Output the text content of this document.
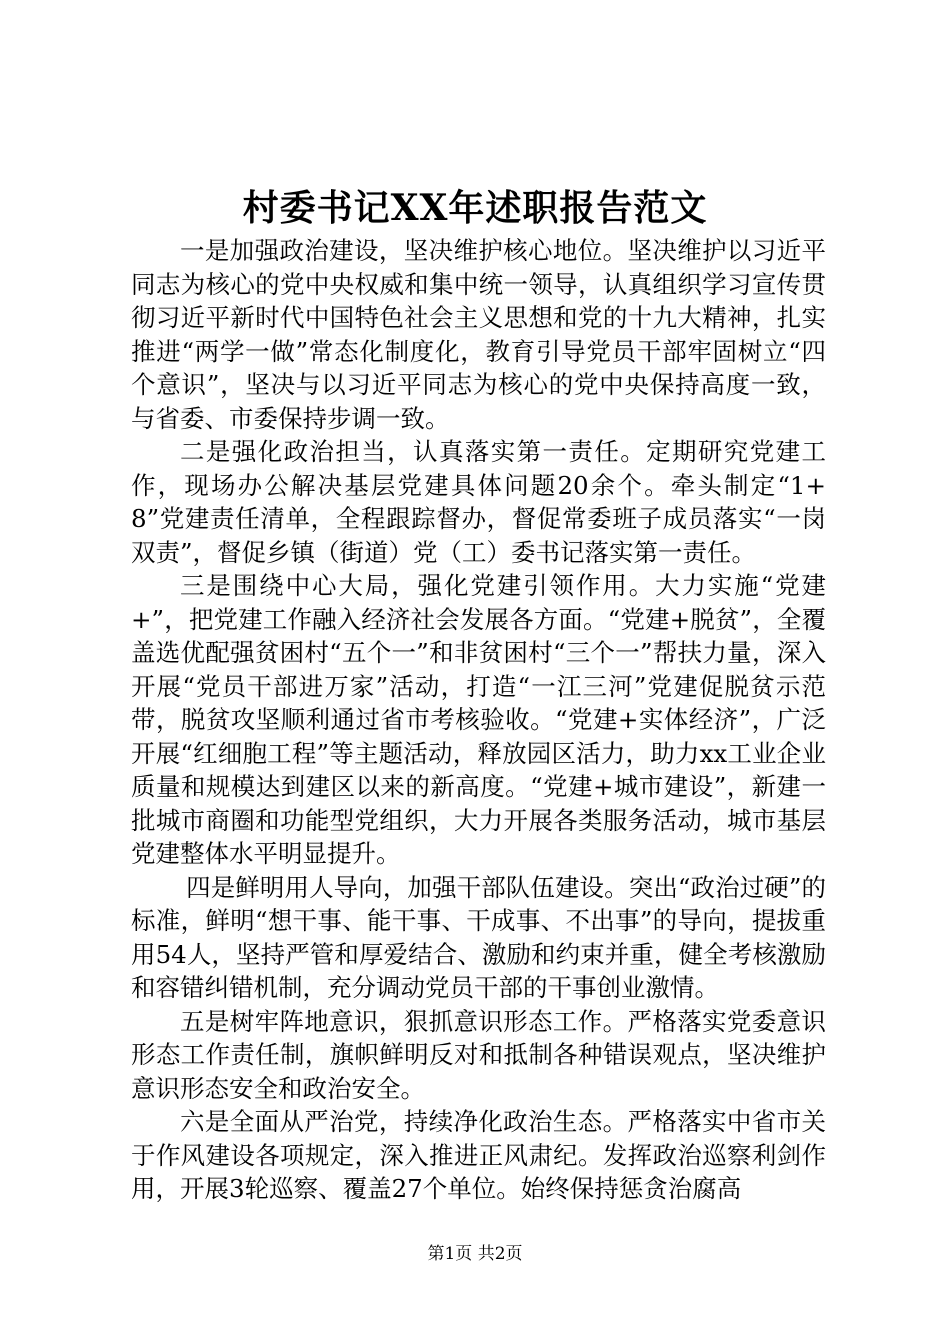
村委书记XX年述职报告范文

一是加强政治建设，坚决维护核心地位。坚决维护以习近平同志为核心的党中央权威和集中统一领导，认真组织学习宣传贯彻习近平新时代中国特色社会主义思想和党的十九大精神，扎实推进“两学一做”常态化制度化，教育引导党员干部牢固树立“四个意识”，坚决与以习近平同志为核心的党中央保持高度一致，与省委、市委保持步调一致。

二是强化政治担当，认真落实第一责任。定期研究党建工作，现场办公解决基层党建具体问题20余个。牵头制定“1+8”党建责任清单，全程跟踪督办，督促常委班子成员落实“一岗双责”，督促乡镇（街道）党（工）委书记落实第一责任。

三是围绕中心大局，强化党建引领作用。大力实施“党建+”，把党建工作融入经济社会发展各方面。“党建+脱贫”，全覆盖选优配强贫困村“五个一”和非贫困村“三个一”帮扶力量，深入开展“党员干部进万家”活动，打造“一江三河”党建促脱贫示范带，脱贫攻坚顺利通过省市考核验收。“党建+实体经济”，广泛开展“红细胞工程”等主题活动，释放园区活力，助力xx工业企业质量和规模达到建区以来的新高度。“党建+城市建设”，新建一批城市商圈和功能型党组织，大力开展各类服务活动，城市基层党建整体水平明显提升。

四是鲜明用人导向，加强干部队伍建设。突出“政治过硬”的标准，鲜明“想干事、能干事、干成事、不出事”的导向，提拔重用54人，坚持严管和厚爱结合、激励和约束并重，健全考核激励和容错纠错机制，充分调动党员干部的干事创业激情。

五是树牢阵地意识，狠抓意识形态工作。严格落实党委意识形态工作责任制，旗帜鲜明反对和抵制各种错误观点，坚决维护意识形态安全和政治安全。

六是全面从严治党，持续净化政治生态。严格落实中省市关于作风建设各项规定，深入推进正风肃纪。发挥政治巡察利剑作用，开展3轮巡察、覆盖27个单位。始终保持惩贪治腐高

第1页 共2页
